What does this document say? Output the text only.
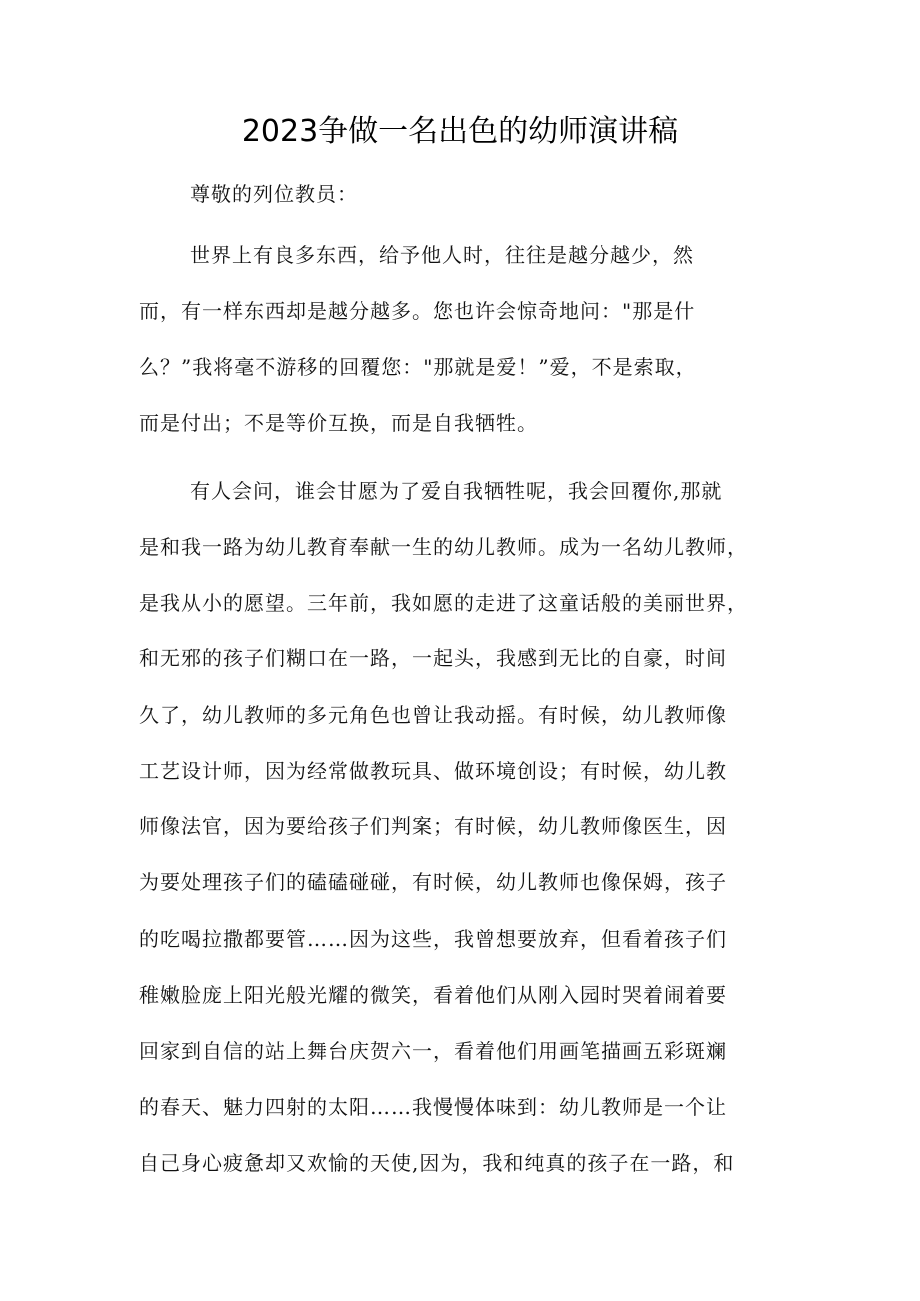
2023争做一名出色的幼师演讲稿
尊敬的列位教员：
世界上有良多东西，给予他人时，往往是越分越少，然
而，有一样东西却是越分越多。您也许会惊奇地问："那是什
么？”我将毫不游移的回覆您："那就是爱！”爱，不是索取，
而是付出；不是等价互换，而是自我牺牲。
有人会问，谁会甘愿为了爱自我牺牲呢，我会回覆你,那就
是和我一路为幼儿教育奉献一生的幼儿教师。成为一名幼儿教师，
是我从小的愿望。三年前，我如愿的走进了这童话般的美丽世界，
和无邪的孩子们糊口在一路，一起头，我感到无比的自豪，时间
久了，幼儿教师的多元角色也曾让我动摇。有时候，幼儿教师像
工艺设计师，因为经常做教玩具、做环境创设；有时候，幼儿教
师像法官，因为要给孩子们判案；有时候，幼儿教师像医生，因
为要处理孩子们的磕磕碰碰，有时候，幼儿教师也像保姆，孩子
的吃喝拉撒都要管……因为这些，我曾想要放弃，但看着孩子们
稚嫩脸庞上阳光般光耀的微笑，看着他们从刚入园时哭着闹着要
回家到自信的站上舞台庆贺六一，看着他们用画笔描画五彩斑斓
的春天、魅力四射的太阳……我慢慢体味到：幼儿教师是一个让
自己身心疲惫却又欢愉的天使,因为，我和纯真的孩子在一路，和
